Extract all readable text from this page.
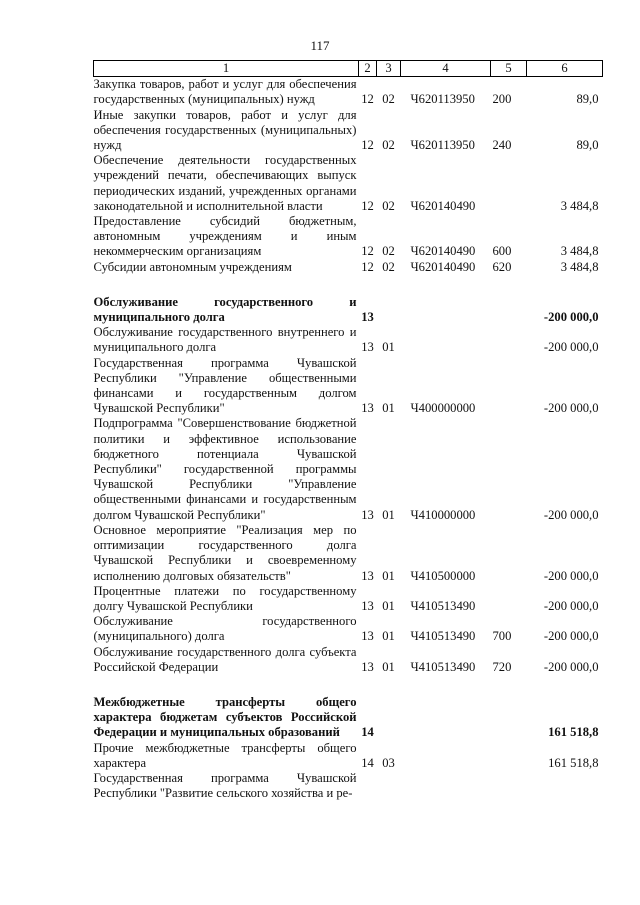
117
1	2	3	4	5	6
Закупка товаров, работ и услуг для обеспечения государственных (муниципальных) нужд	12	02	Ч620113950	200	89,0
Иные закупки товаров, работ и услуг для обеспечения государственных (муниципальных) нужд	12	02	Ч620113950	240	89,0
Обеспечение деятельности государственных учреждений печати, обеспечивающих выпуск периодических изданий, учрежденных органами законодательной и исполнительной власти	12	02	Ч620140490		3 484,8
Предоставление субсидий бюджетным, автономным учреждениям и иным некоммерческим организациям	12	02	Ч620140490	600	3 484,8
Субсидии автономным учреждениям	12	02	Ч620140490	620	3 484,8

Обслуживание государственного и муниципального долга	13				-200 000,0
Обслуживание государственного внутреннего и муниципального долга	13	01			-200 000,0
Государственная программа Чувашской Республики "Управление общественными финансами и государственным долгом Чувашской Республики"	13	01	Ч400000000		-200 000,0
Подпрограмма "Совершенствование бюджетной политики и эффективное использование бюджетного потенциала Чувашской Республики" государственной программы Чувашской Республики "Управление общественными финансами и государственным долгом Чувашской Республики"	13	01	Ч410000000		-200 000,0
Основное мероприятие "Реализация мер по оптимизации государственного долга Чувашской Республики и своевременному исполнению долговых обязательств"	13	01	Ч410500000		-200 000,0
Процентные платежи по государственному долгу Чувашской Республики	13	01	Ч410513490		-200 000,0
Обслуживание государственного (муниципального) долга	13	01	Ч410513490	700	-200 000,0
Обслуживание государственного долга субъекта Российской Федерации	13	01	Ч410513490	720	-200 000,0

Межбюджетные трансферты общего характера бюджетам субъектов Российской Федерации и муниципальных образований	14				161 518,8
Прочие межбюджетные трансферты общего характера	14	03			161 518,8
Государственная программа Чувашской Республики "Развитие сельского хозяйства и ре-					
